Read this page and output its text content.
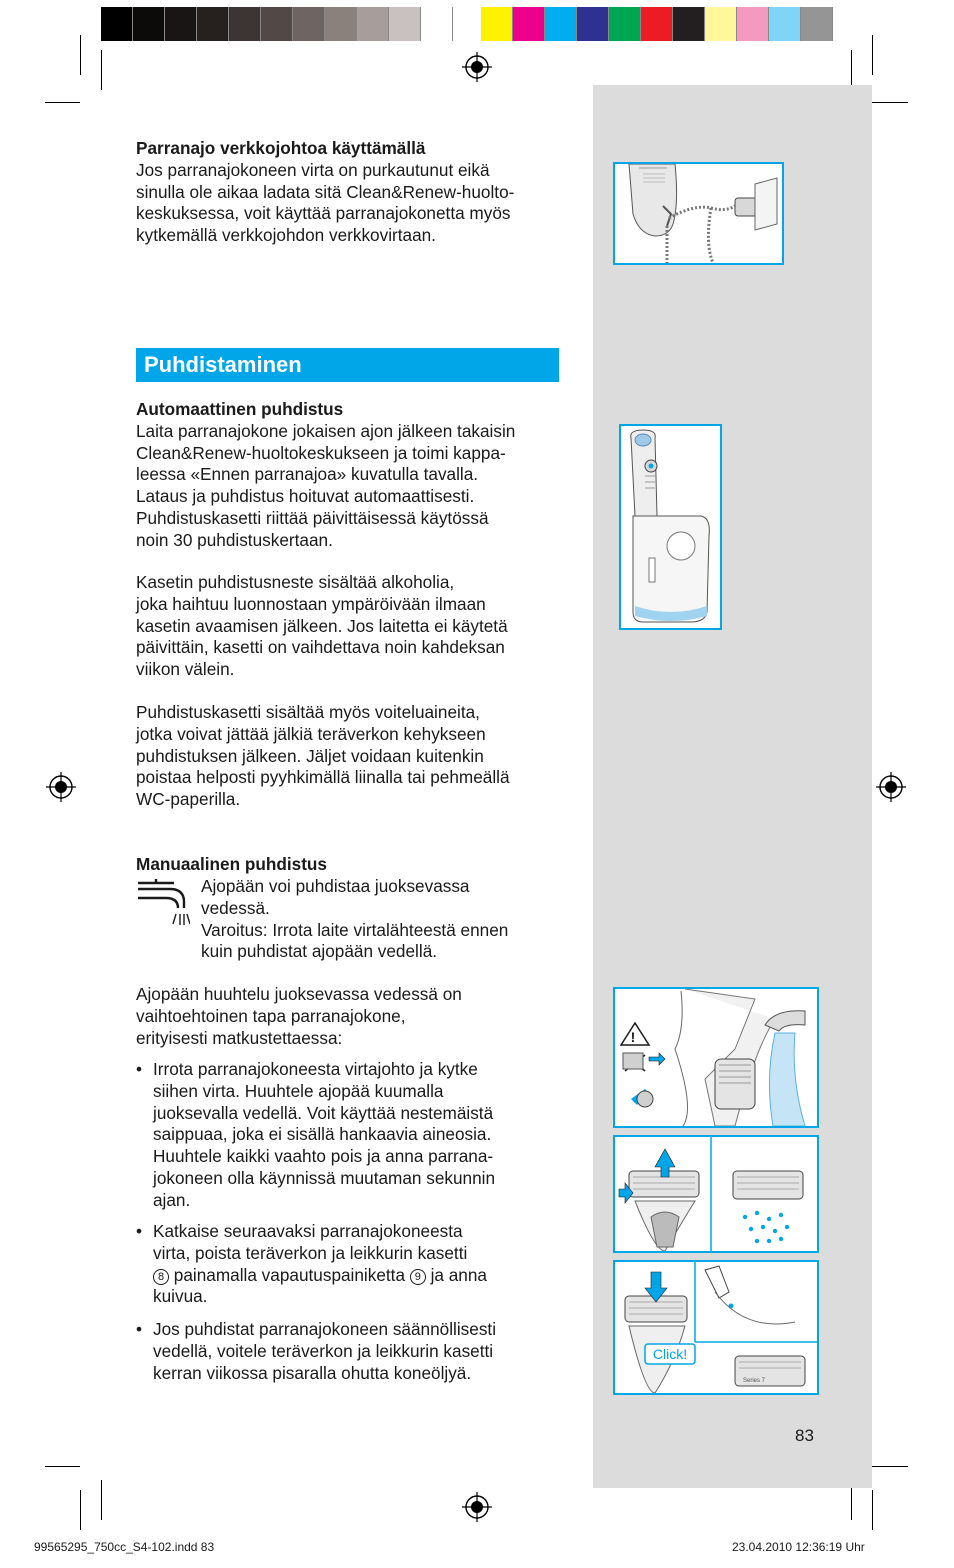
Parranajo verkkojohtoa käyttämällä

Jos parranajokoneen virta on purkautunut eikä

sinulla ole aikaa ladata sitä Clean&Renew-huolto-

keskuksessa, voit käyttää parranajokonetta myös

kytkemällä verkkojohdon verkkovirtaan.

Puhdistaminen

Automaattinen puhdistus

Laita parranajokone jokaisen ajon jälkeen takaisin

Clean&Renew-huoltokeskukseen ja toimi kappa-

leessa «Ennen parranajoa» kuvatulla tavalla.

Lataus ja puhdistus hoituvat automaattisesti.

Puhdistuskasetti riittää päivittäisessä käytössä

noin 30 puhdistuskertaan.

Kasetin puhdistusneste sisältää alkoholia,

joka haihtuu luonnostaan ympäröivään ilmaan

kasetin avaamisen jälkeen. Jos laitetta ei käytetä

päivittäin, kasetti on vaihdettava noin kahdeksan

viikon välein.

Puhdistuskasetti sisältää myös voiteluaineita,

jotka voivat jättää jälkiä teräverkon kehykseen

puhdistuksen jälkeen. Jäljet voidaan kuitenkin

poistaa helposti pyyhkimällä liinalla tai pehmeällä

WC-paperilla.

Manuaalinen puhdistus

Ajopään voi puhdistaa juoksevassa

vedessä.

Varoitus: Irrota laite virtalähteestä ennen

kuin puhdistat ajopään vedellä.

Ajopään huuhtelu juoksevassa vedessä on

vaihtoehtoinen tapa parranajokone,

erityisesti matkustettaessa:

• Irrota parranajokoneesta virtajohto ja kytke
siihen virta. Huuhtele ajopää kuumalla
juoksevalla vedellä. Voit käyttää nestemäistä
saippuaa, joka ei sisällä hankaavia aineosia.
Huuhtele kaikki vaahto pois ja anna parrana-
jokoneen olla käynnissä muutaman sekunnin
ajan.
• Katkaise seuraavaksi parranajokoneesta
virta, poista teräverkon ja leikkurin kasetti
8 painamalla vapautuspainiketta 9 ja anna
kuivua.
• Jos puhdistat parranajokoneen säännöllisesti
vedellä, voitele teräverkon ja leikkurin kasetti
kerran viikossa pisaralla ohutta koneöljyä.
!
Series 7
Click!
83
99565295_750cc_S4-102.indd 83	23.04.2010 12:36:19 Uhr
